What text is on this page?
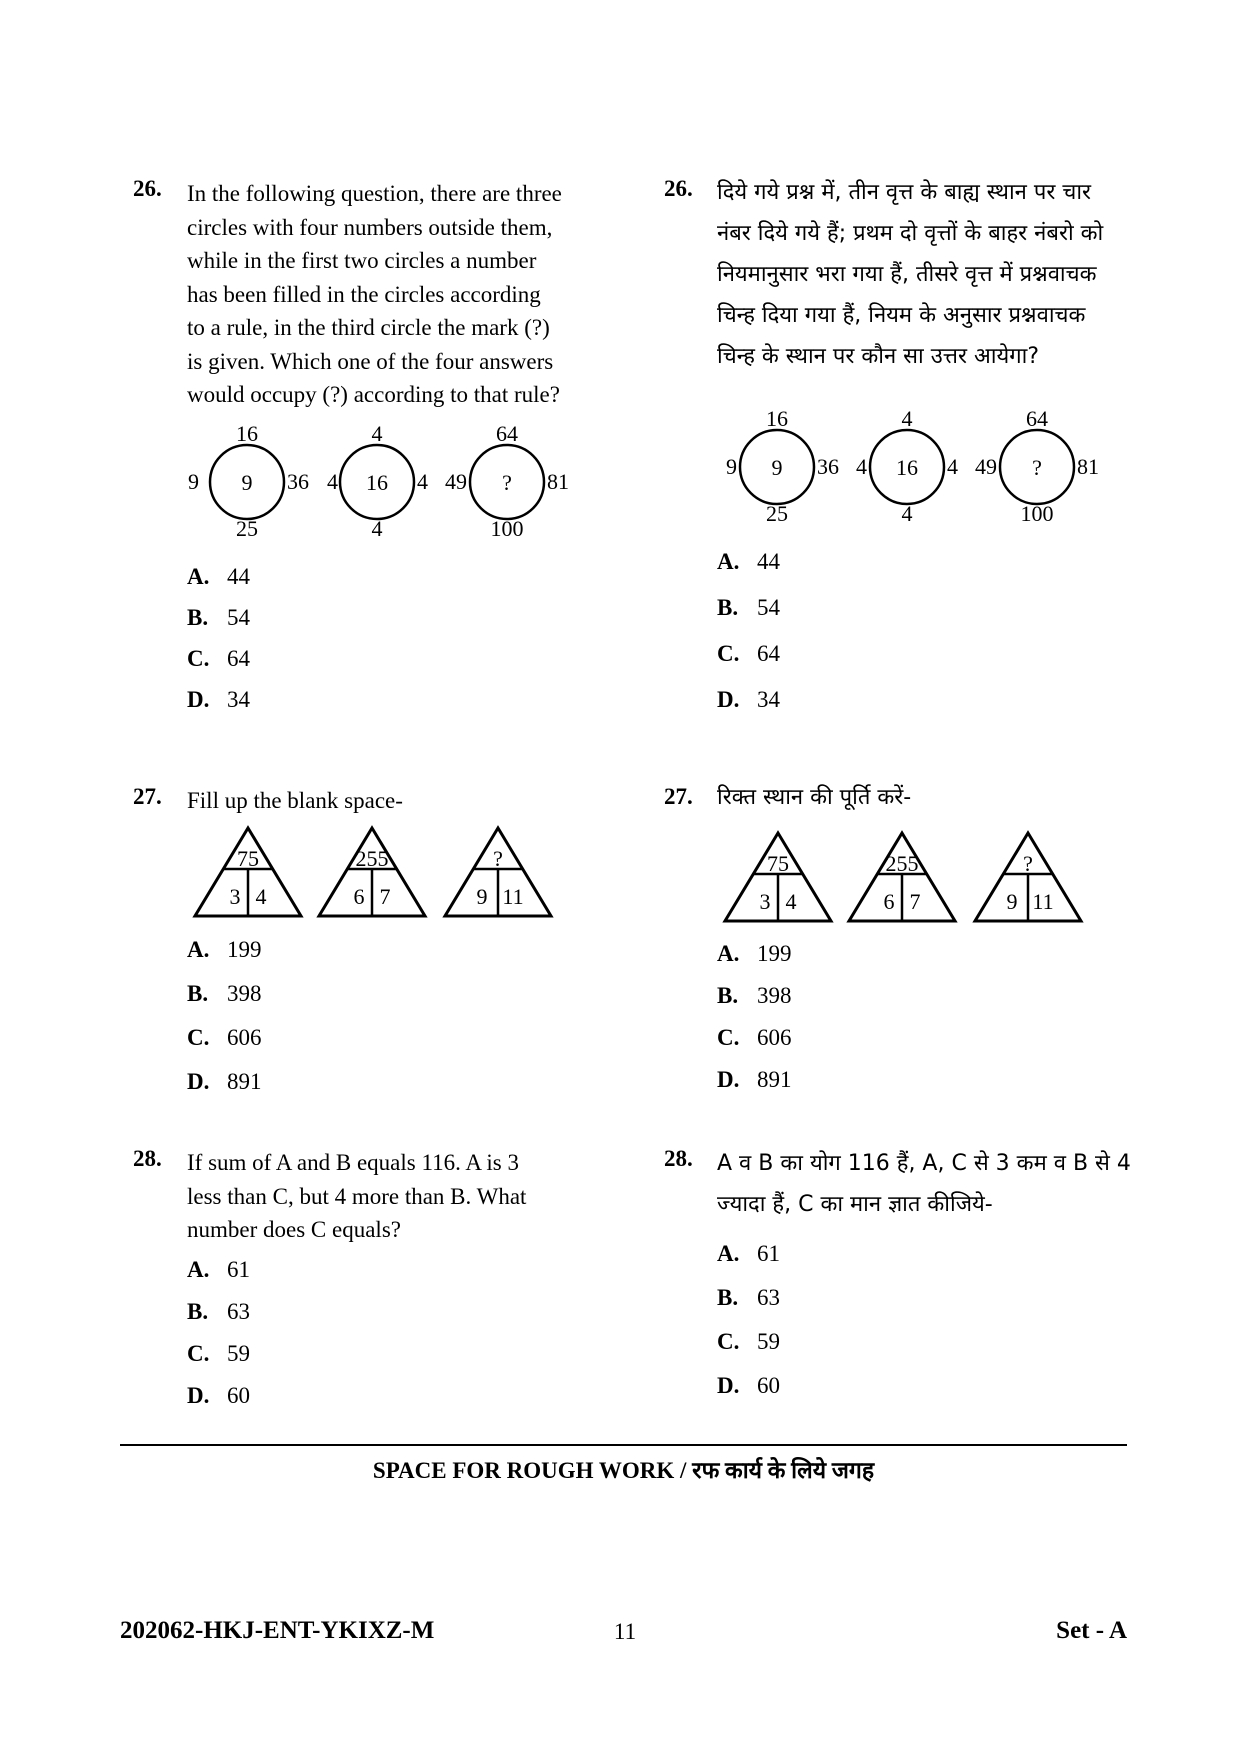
26. In the following question, there are three
circles with four numbers outside them,
while in the first two circles a number
has been filled in the circles according
to a rule, in the third circle the mark (?)
is given. Which one of the four answers
would occupy (?) according to that rule?
16
9 9 36
25
4
4 16 4
4
64
49 ? 81
100
A. 44
B. 54
C. 64
D. 34
26. दिये गये प्रश्न में, तीन वृत्त के बाह्य स्थान पर चार
नंबर दिये गये हैं; प्रथम दो वृत्तों के बाहर नंबरो को
नियमानुसार भरा गया हैं, तीसरे वृत्त में प्रश्नवाचक
चिन्ह दिया गया हैं, नियम के अनुसार प्रश्नवाचक
चिन्ह के स्थान पर कौन सा उत्तर आयेगा?
16
9 9 36
25
4
4 16 4
4
64
49 ? 81
100
A. 44
B. 54
C. 64
D. 34
27. Fill up the blank space-
75
3 4
255
6 7
?
9 11
A. 199
B. 398
C. 606
D. 891
27. रिक्त स्थान की पूर्ति करें-
75
3 4
255
6 7
?
9 11
A. 199
B. 398
C. 606
D. 891
28. If sum of A and B equals 116. A is 3
less than C, but 4 more than B. What
number does C equals?
A. 61
B. 63
C. 59
D. 60
28. A व B का योग 116 हैं, A, C से 3 कम व B से 4
ज्यादा हैं, C का मान ज्ञात कीजिये-
A. 61
B. 63
C. 59
D. 60
SPACE FOR ROUGH WORK / रफ कार्य के लिये जगह
202062-HKJ-ENT-YKIXZ-M	11	Set - A
